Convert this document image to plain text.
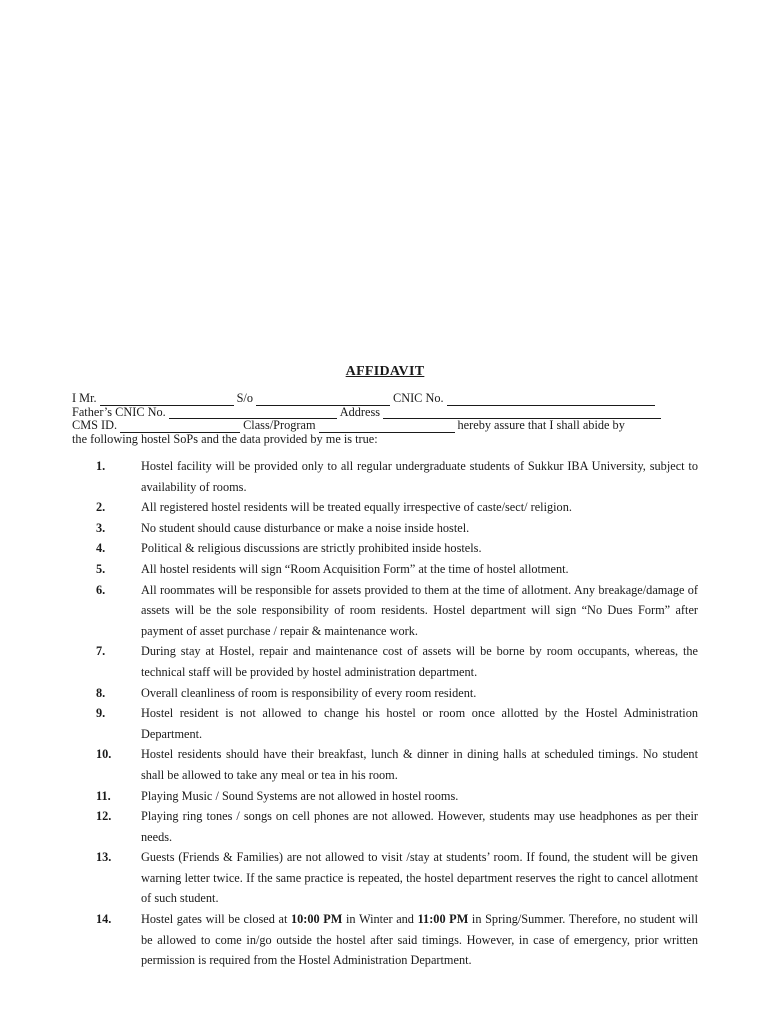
AFFIDAVIT
I Mr.	S/o	CNIC No.
Father’s CNIC No.	Address
CMS ID.	Class/Program	hereby assure that I shall abide by
the following hostel SoPs and the data provided by me is true:
1.	Hostel facility will be provided only to all regular undergraduate students of Sukkur IBA University, subject to availability of rooms.
2.	All registered hostel residents will be treated equally irrespective of caste/sect/ religion.
3.	No student should cause disturbance or make a noise inside hostel.
4.	Political & religious discussions are strictly prohibited inside hostels.
5.	All hostel residents will sign “Room Acquisition Form” at the time of hostel allotment.
6.	All roommates will be responsible for assets provided to them at the time of allotment. Any breakage/damage of assets will be the sole responsibility of room residents. Hostel department will sign “No Dues Form” after payment of asset purchase / repair & maintenance work.
7.	During stay at Hostel, repair and maintenance cost of assets will be borne by room occupants, whereas, the technical staff will be provided by hostel administration department.
8.	Overall cleanliness of room is responsibility of every room resident.
9.	Hostel resident is not allowed to change his hostel or room once allotted by the Hostel Administration Department.
10. Hostel residents should have their breakfast, lunch & dinner in dining halls at scheduled timings. No student shall be allowed to take any meal or tea in his room.
11. Playing Music / Sound Systems are not allowed in hostel rooms.
12. Playing ring tones / songs on cell phones are not allowed. However, students may use headphones as per their needs.
13. Guests (Friends & Families) are not allowed to visit /stay at students’ room. If found, the student will be given warning letter twice. If the same practice is repeated, the hostel department reserves the right to cancel allotment of such student.
14. Hostel gates will be closed at 10:00 PM in Winter and 11:00 PM in Spring/Summer. Therefore, no student will be allowed to come in/go outside the hostel after said timings. However, in case of emergency, prior written permission is required from the Hostel Administration Department.
